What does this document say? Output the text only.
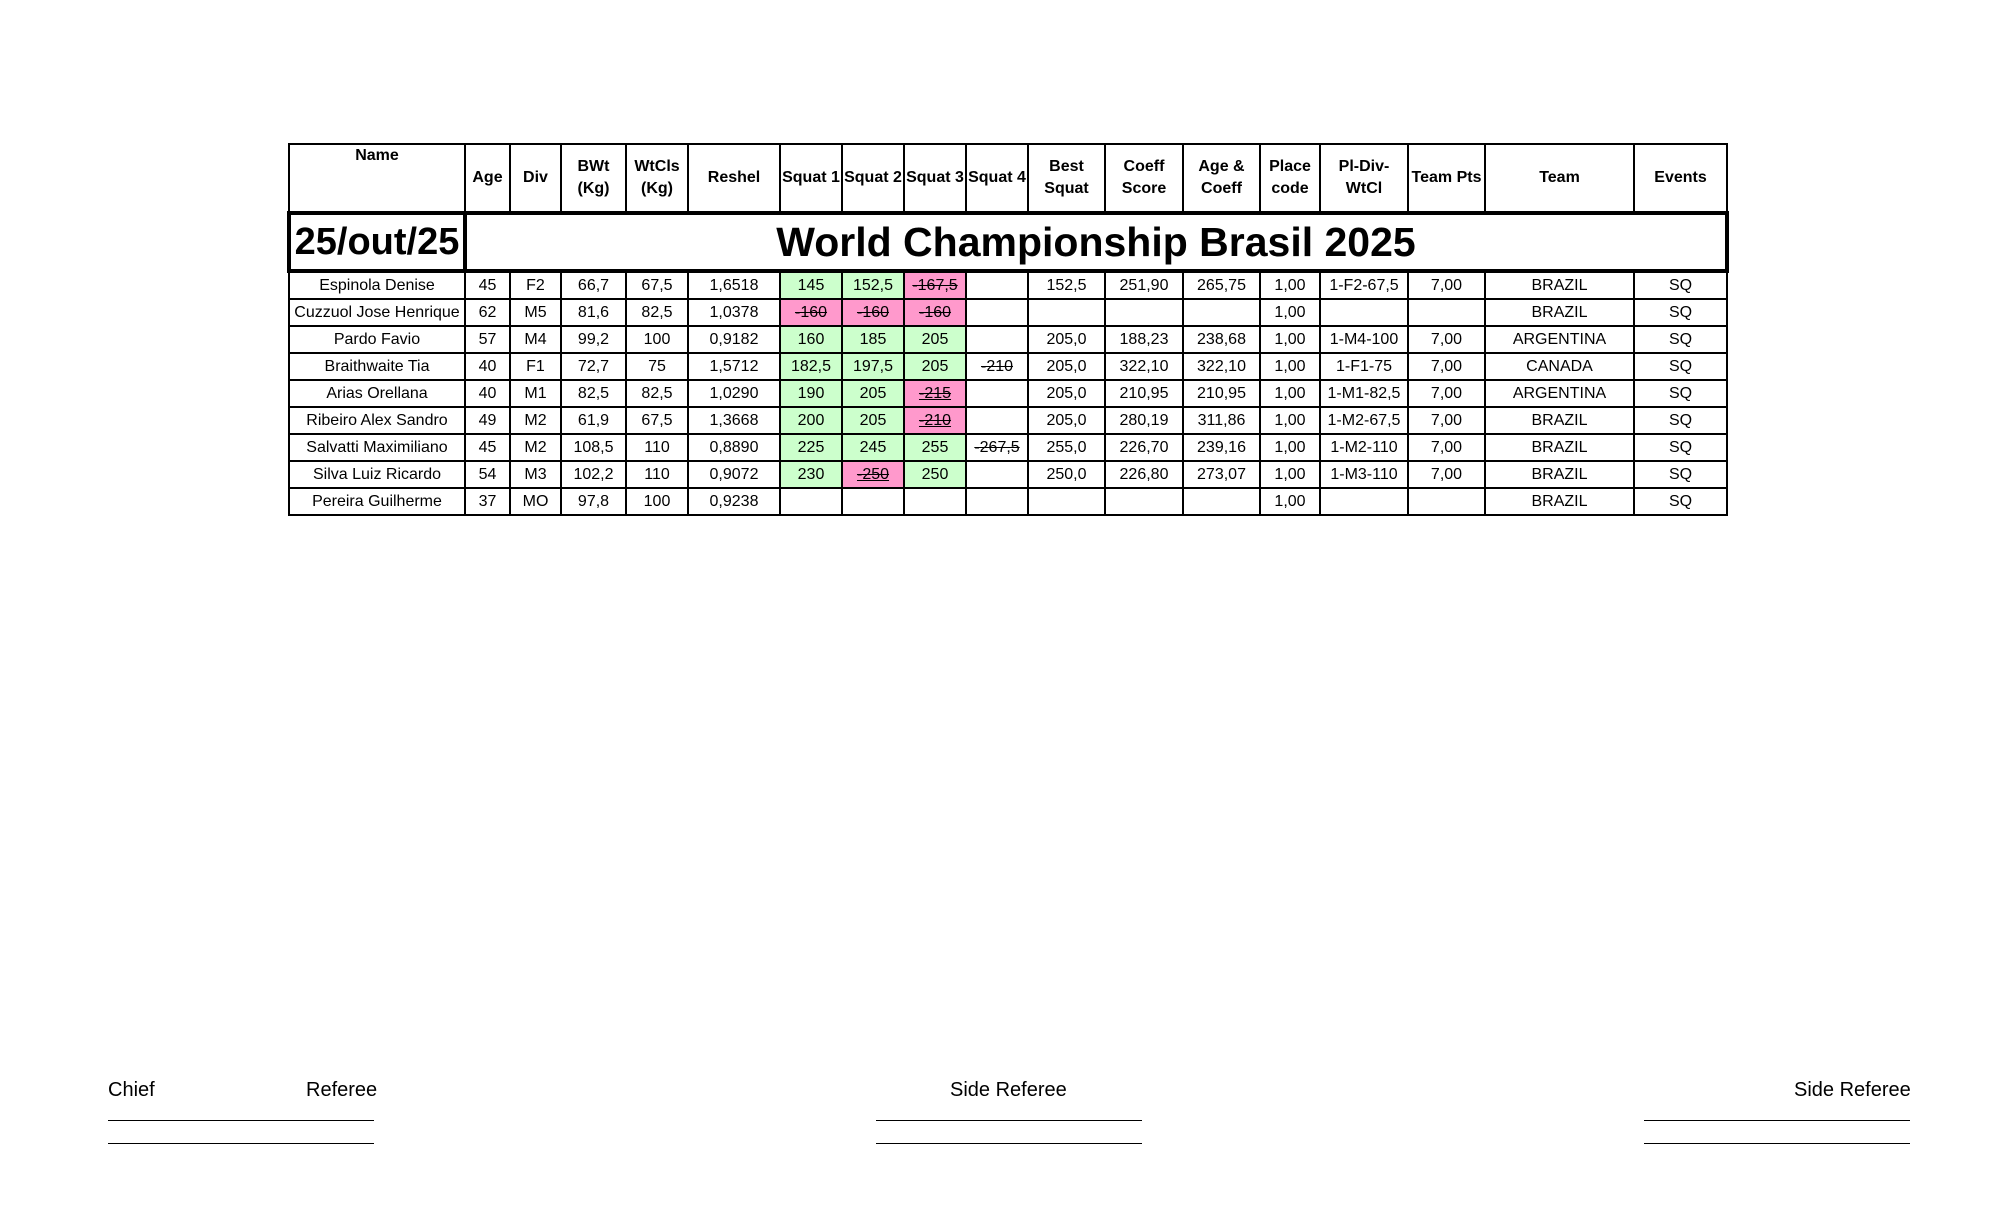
25/out/25	World Championship Brasil 2025																
Name	Age	Div	BWt (Kg)	WtCls (Kg)	Reshel	Squat 1	Squat 2	Squat 3	Squat 4	Best Squat	Coeff Score	Age & Coeff	Place code	Pl-Div-WtCl	Team Pts	Team	Events
Espinola Denise	45	F2	66,7	67,5	1,6518	145	152,5	-167,5		152,5	251,90	265,75	1,00	1-F2-67,5	7,00	BRAZIL	SQ
Cuzzuol Jose Henrique	62	M5	81,6	82,5	1,0378	-160	-160	-160					1,00			BRAZIL	SQ
Pardo Favio	57	M4	99,2	100	0,9182	160	185	205		205,0	188,23	238,68	1,00	1-M4-100	7,00	ARGENTINA	SQ
Braithwaite Tia	40	F1	72,7	75	1,5712	182,5	197,5	205	-210	205,0	322,10	322,10	1,00	1-F1-75	7,00	CANADA	SQ
Arias Orellana	40	M1	82,5	82,5	1,0290	190	205	-215		205,0	210,95	210,95	1,00	1-M1-82,5	7,00	ARGENTINA	SQ
Ribeiro Alex Sandro	49	M2	61,9	67,5	1,3668	200	205	-210		205,0	280,19	311,86	1,00	1-M2-67,5	7,00	BRAZIL	SQ
Salvatti Maximiliano	45	M2	108,5	110	0,8890	225	245	255	-267,5	255,0	226,70	239,16	1,00	1-M2-110	7,00	BRAZIL	SQ
Silva Luiz Ricardo	54	M3	102,2	110	0,9072	230	-250	250		250,0	226,80	273,07	1,00	1-M3-110	7,00	BRAZIL	SQ
Pereira Guilherme	37	MO	97,8	100	0,9238								1,00			BRAZIL	SQ
Chief	Referee	Side Referee	Side Referee
